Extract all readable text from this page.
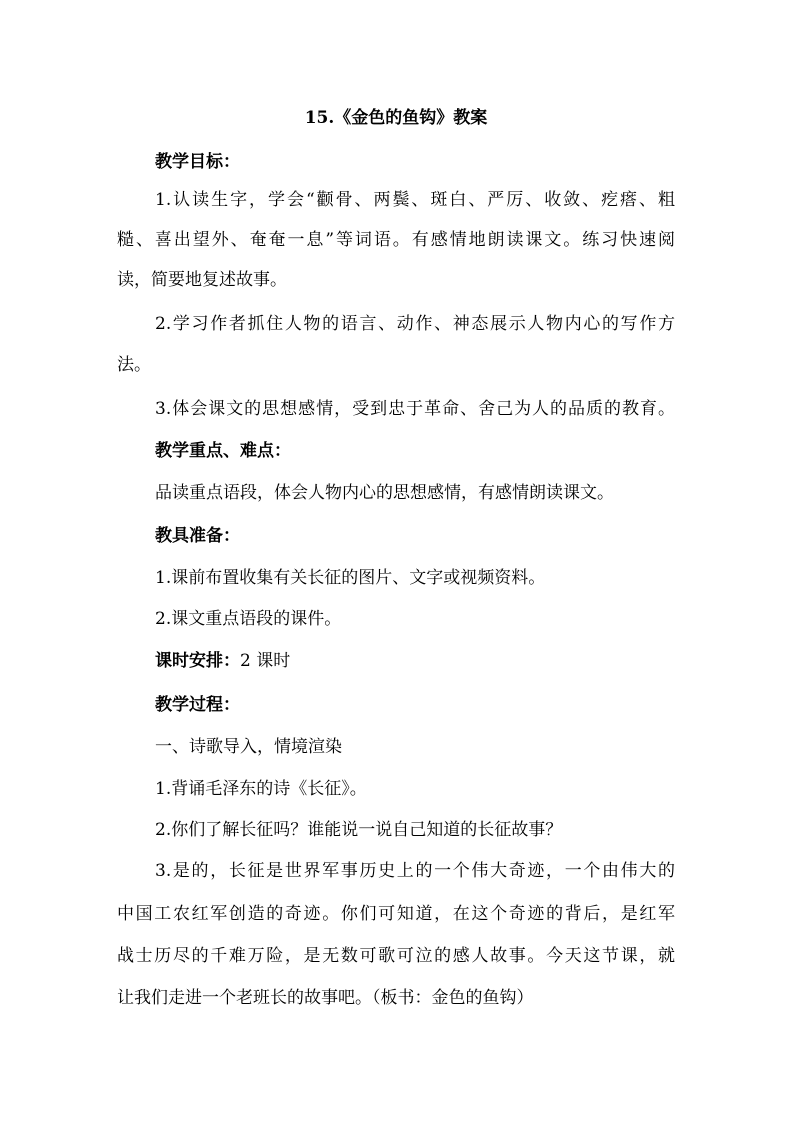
15.《金色的鱼钩》教案
教学目标：
1.认读生字，学会“颧骨、两鬓、斑白、严厉、收敛、疙瘩、粗
糙、喜出望外、奄奄一息”等词语。有感情地朗读课文。练习快速阅
读，简要地复述故事。
2.学习作者抓住人物的语言、动作、神态展示人物内心的写作方
法。
3.体会课文的思想感情，受到忠于革命、舍己为人的品质的教育。
教学重点、难点：
品读重点语段，体会人物内心的思想感情，有感情朗读课文。
教具准备：
1.课前布置收集有关长征的图片、文字或视频资料。
2.课文重点语段的课件。
课时安排：2 课时
教学过程：
一、诗歌导入，情境渲染
1.背诵毛泽东的诗《长征》。
2.你们了解长征吗？谁能说一说自己知道的长征故事？
3.是的，长征是世界军事历史上的一个伟大奇迹，一个由伟大的
中国工农红军创造的奇迹。你们可知道，在这个奇迹的背后，是红军
战士历尽的千难万险，是无数可歌可泣的感人故事。今天这节课，就
让我们走进一个老班长的故事吧。（板书：金色的鱼钩）
